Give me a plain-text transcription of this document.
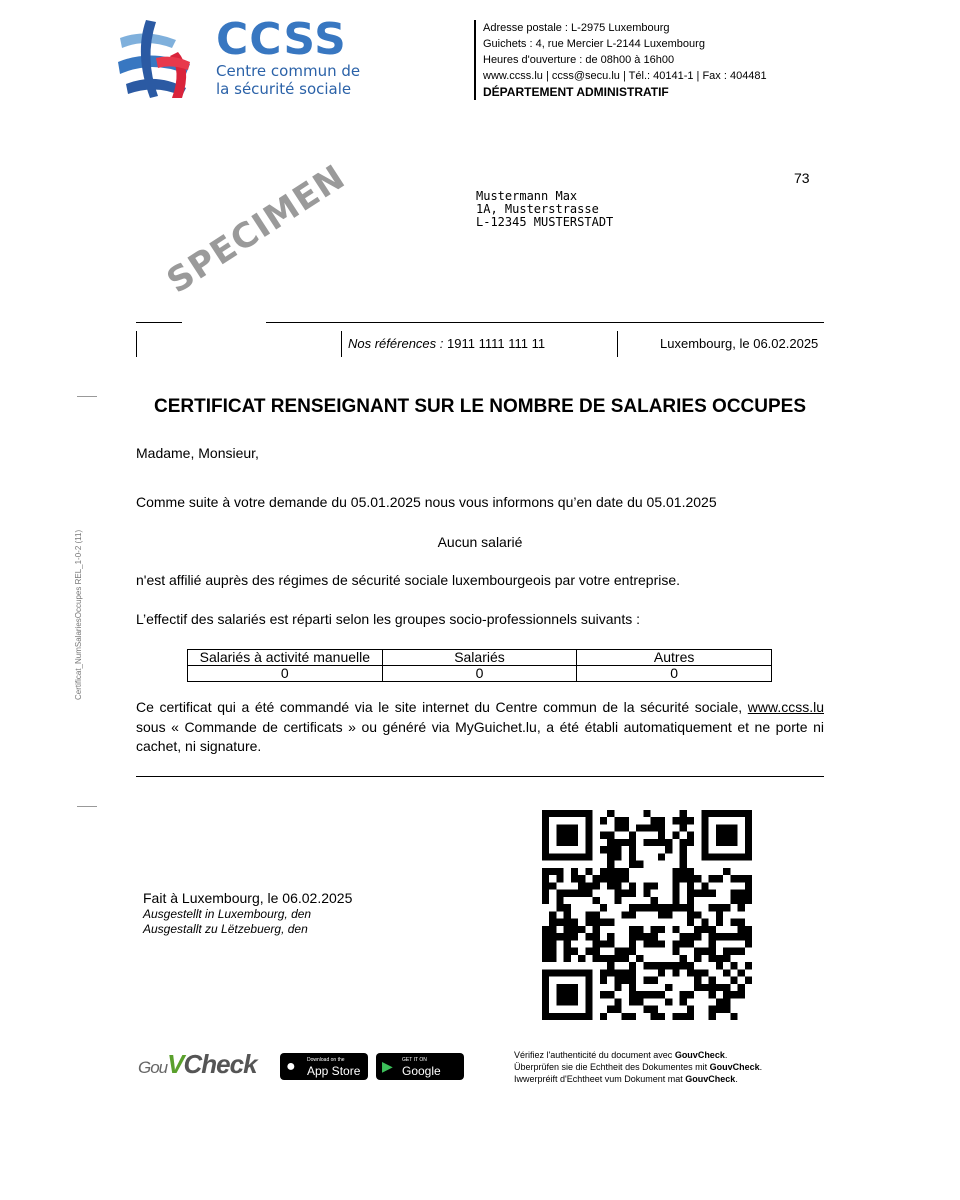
CCSS
Centre commun de
la sécurité sociale
Adresse postale : L-2975 Luxembourg
Guichets : 4, rue Mercier L-2144 Luxembourg
Heures d'ouverture : de 08h00 à 16h00
www.ccss.lu | ccss@secu.lu | Tél.: 40141-1 | Fax : 404481
DÉPARTEMENT ADMINISTRATIF
73
Mustermann Max
1A, Musterstrasse
L-12345 MUSTERSTADT
SPECIMEN
Nos références : 1911 1111 111 11	Luxembourg, le 06.02.2025
Certificat_NumSalariesOccupes REL_1-0-2 (11)
CERTIFICAT RENSEIGNANT SUR LE NOMBRE DE SALARIES OCCUPES
Madame, Monsieur,
Comme suite à votre demande du 05.01.2025 nous vous informons qu’en date du 05.01.2025
Aucun salarié
n'est affilié auprès des régimes de sécurité sociale luxembourgeois par votre entreprise.
L’effectif des salariés est réparti selon les groupes socio-professionnels suivants :
Salariés à activité manuelle	Salariés	Autres
0	0	0
Ce certificat qui a été commandé via le site internet du Centre commun de la sécurité sociale, www.ccss.lu sous « Commande de certificats » ou généré via MyGuichet.lu, a été établi automatiquement et ne porte ni cachet, ni signature.
Fait à Luxembourg, le 06.02.2025
Ausgestellt in Luxembourg, den
Ausgestallt zu Lëtzebuerg, den
GouVCheck ● Download on the
App Store ▶ GET IT ON
Google Play
Vérifiez l'authenticité du document avec GouvCheck.
Überprüfen sie die Echtheit des Dokumentes mit GouvCheck.
Iwwerpréift d'Echtheet vum Dokument mat GouvCheck.
